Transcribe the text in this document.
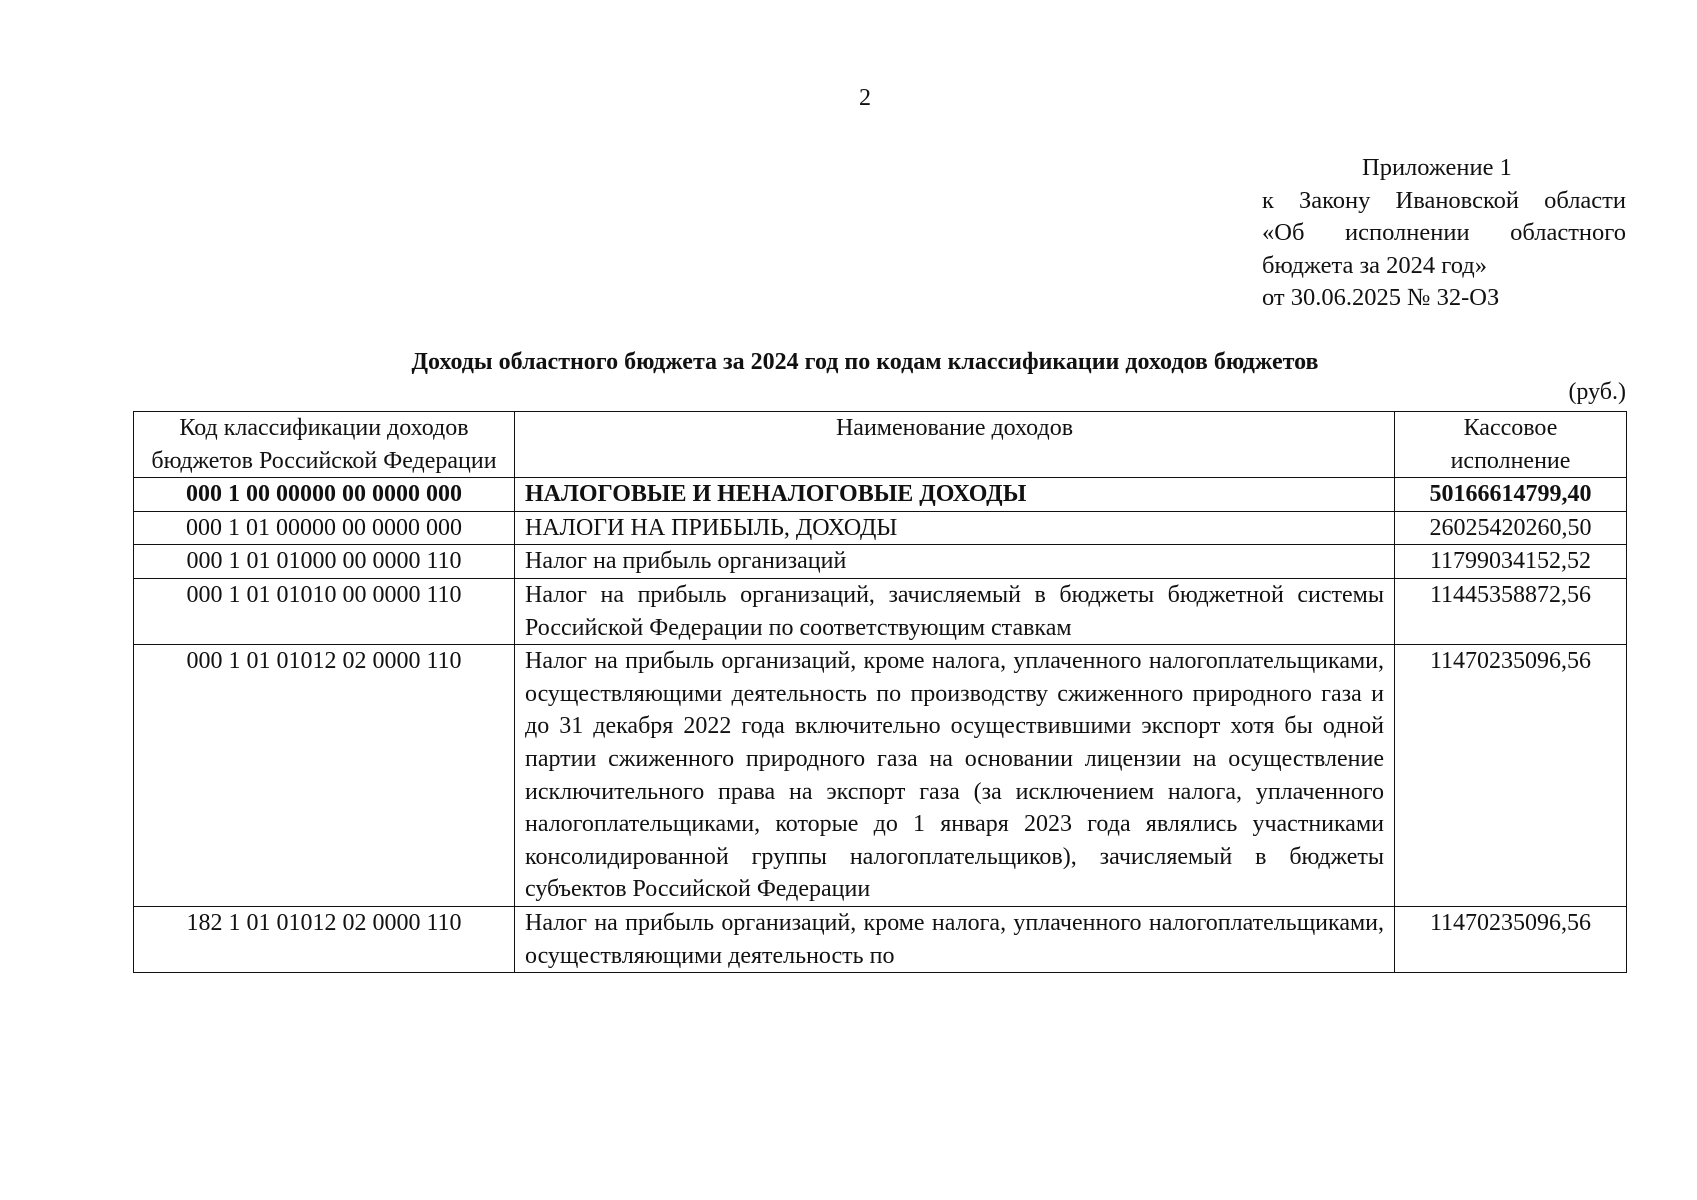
2
Приложение 1
к Закону Ивановской области
«Об исполнении областного
бюджета за 2024 год»
от 30.06.2025 № 32-ОЗ
Доходы областного бюджета за 2024 год по кодам классификации доходов бюджетов
(руб.)
Код классификации доходов бюджетов Российской Федерации	Наименование доходов	Кассовое исполнение
000 1 00 00000 00 0000 000	НАЛОГОВЫЕ И НЕНАЛОГОВЫЕ ДОХОДЫ	50166614799,40
000 1 01 00000 00 0000 000	НАЛОГИ НА ПРИБЫЛЬ, ДОХОДЫ	26025420260,50
000 1 01 01000 00 0000 110	Налог на прибыль организаций	11799034152,52
000 1 01 01010 00 0000 110	Налог на прибыль организаций, зачисляемый в бюджеты бюджетной системы Российской Федерации по соответствующим ставкам	11445358872,56
000 1 01 01012 02 0000 110	Налог на прибыль организаций, кроме налога, уплаченного налогоплательщиками, осуществляющими деятельность по производству сжиженного природного газа и до 31 декабря 2022 года включительно осуществившими экспорт хотя бы одной партии сжиженного природного газа на основании лицензии на осуществление исключительного права на экспорт газа (за исключением налога, уплаченного налогоплательщиками, которые до 1 января 2023 года являлись участниками консолидированной группы налогоплательщиков), зачисляемый в бюджеты субъектов Российской Федерации	11470235096,56
182 1 01 01012 02 0000 110	Налог на прибыль организаций, кроме налога, уплаченного налогоплательщиками, осуществляющими деятельность по	11470235096,56
